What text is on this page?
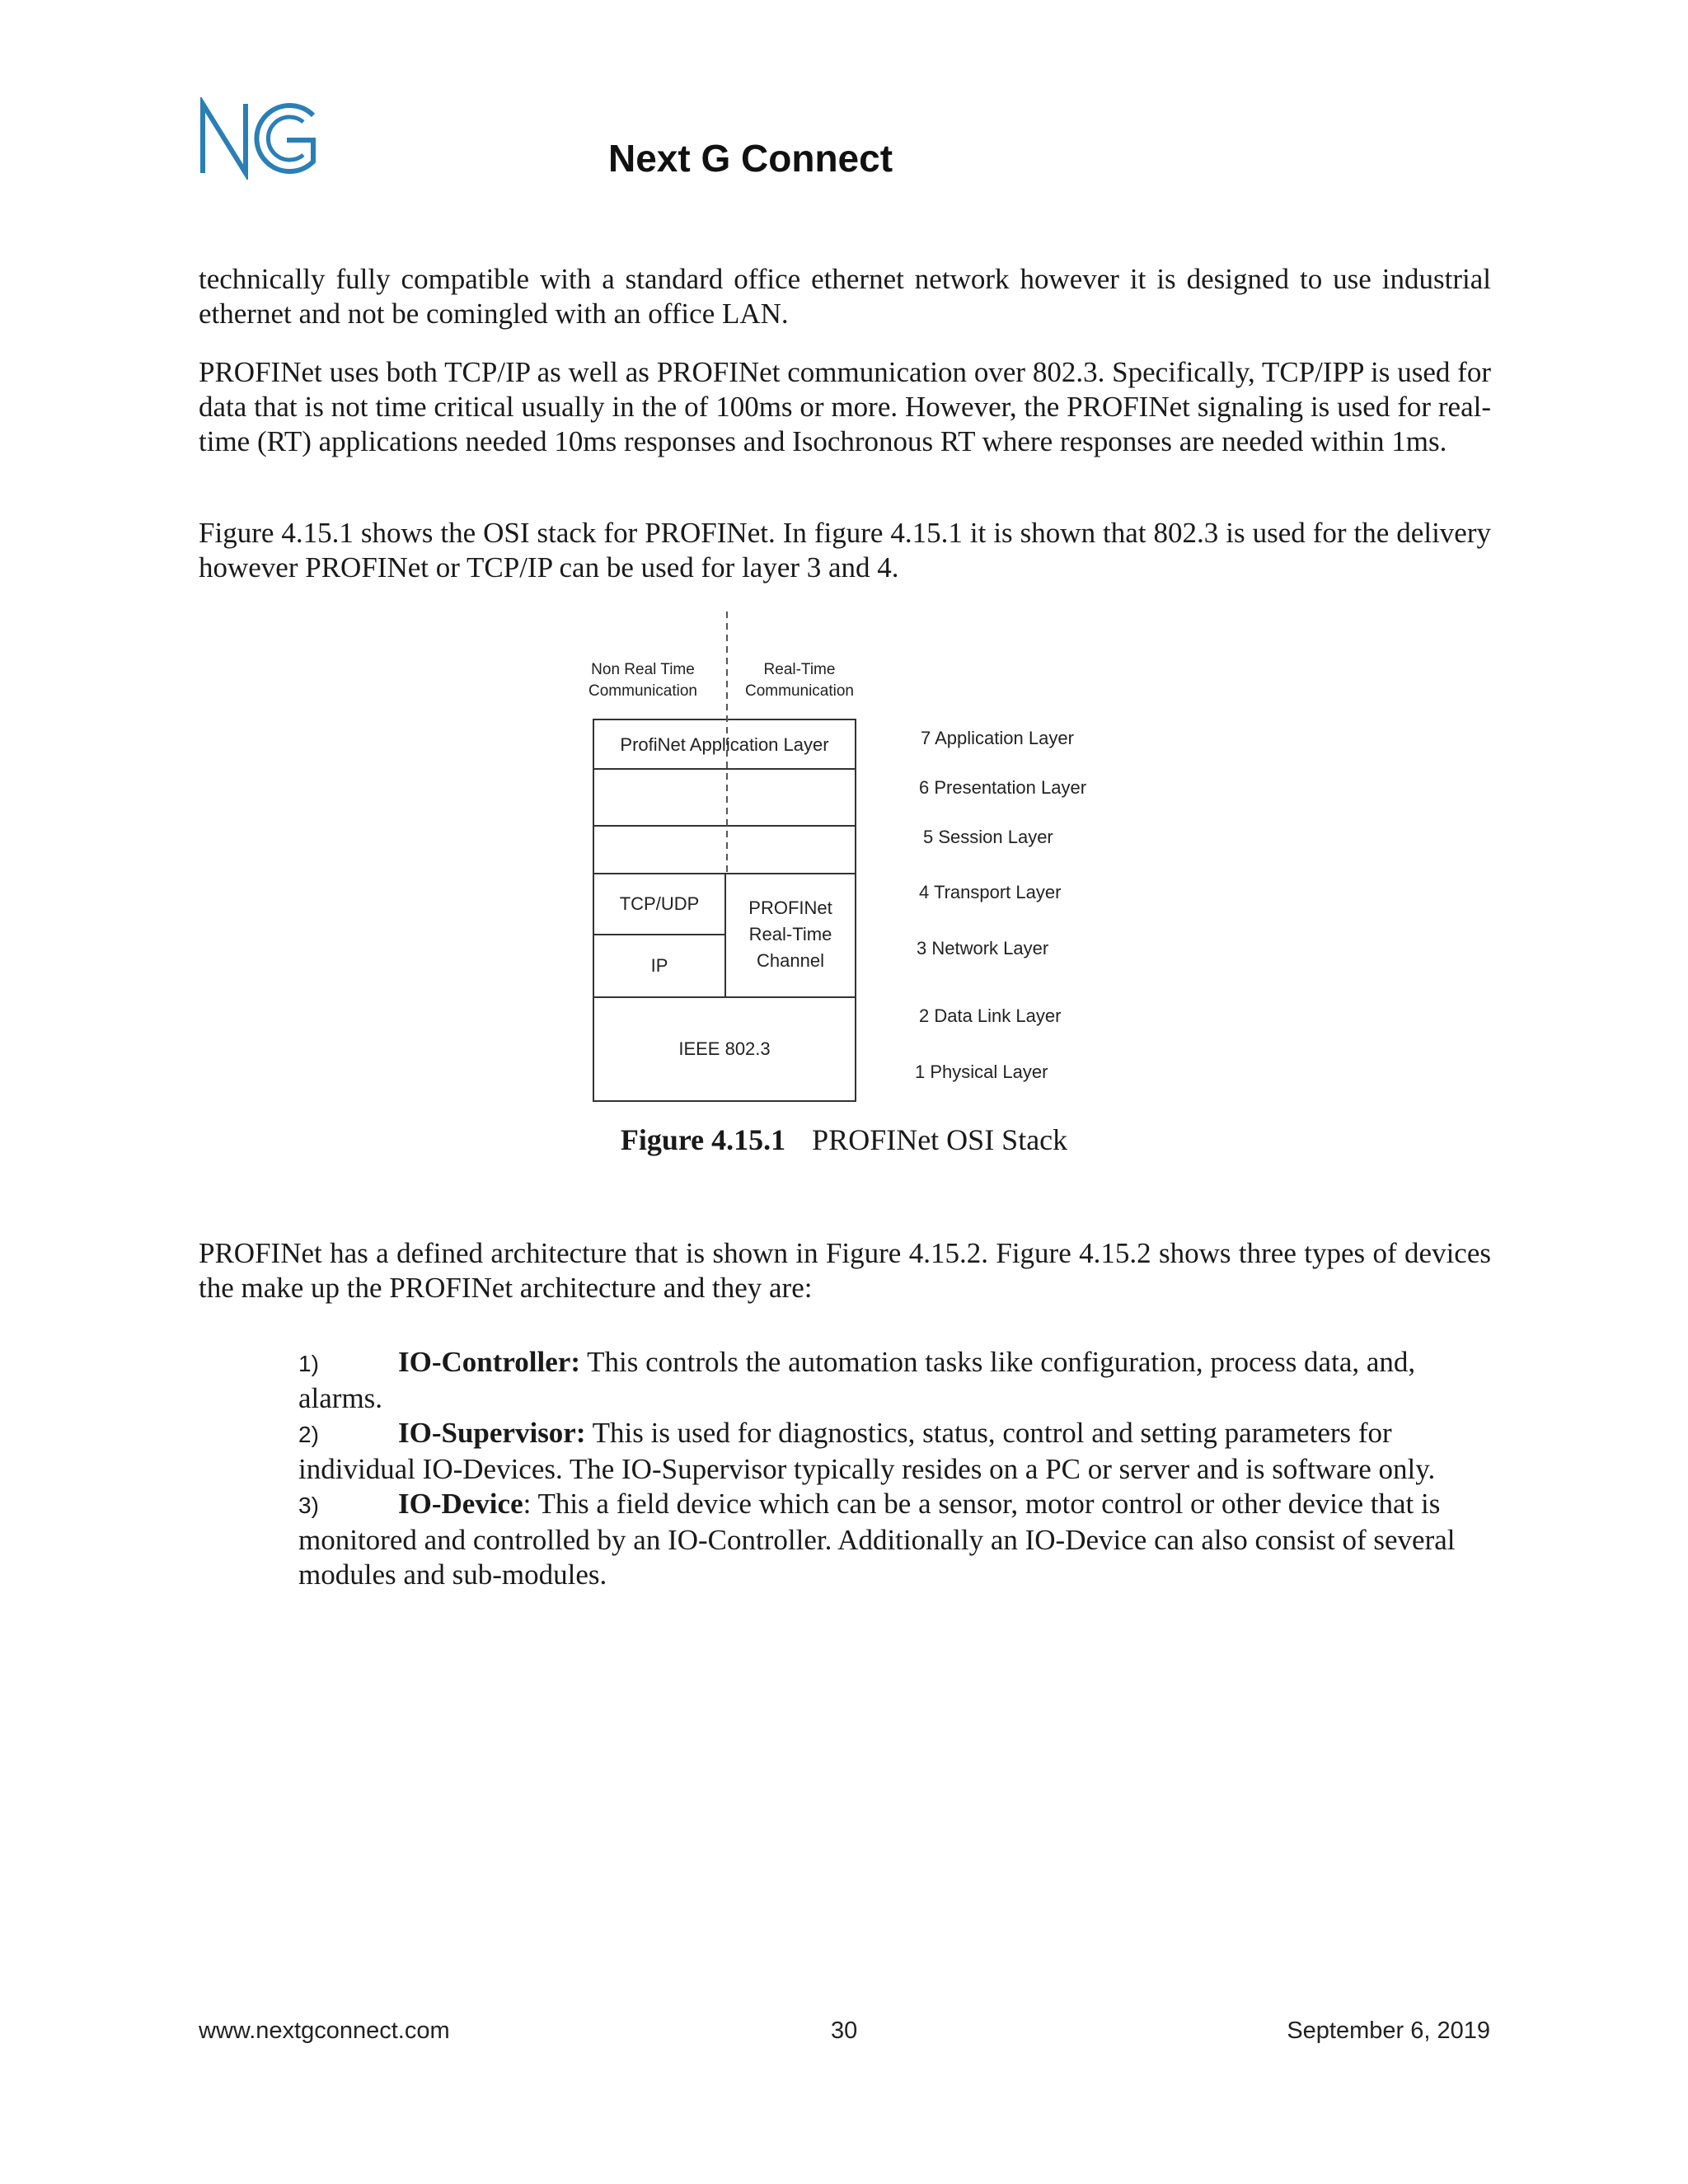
Next G Connect

technically fully compatible with a standard office ethernet network however it is designed to use industrial ethernet and not be comingled with an office LAN.

PROFINet uses both TCP/IP as well as PROFINet communication over 802.3. Specifically, TCP/IPP is used for data that is not time critical usually in the of 100ms or more. However, the PROFINet signaling is used for real-time (RT) applications needed 10ms responses and Isochronous RT where responses are needed within 1ms.

Figure 4.15.1 shows the OSI stack for PROFINet. In figure 4.15.1 it is shown that 802.3 is used for the delivery however PROFINet or TCP/IP can be used for layer 3 and 4.

Non Real Time
Communication
Real-Time
Communication
ProfiNet Application Layer
TCP/UDP
IP
PROFINet
Real-Time
Channel
IEEE 802.3
7 Application Layer
6 Presentation Layer
5 Session Layer
4 Transport Layer
3 Network Layer
2 Data Link Layer
1 Physical Layer
Figure 4.15.1 PROFINet OSI Stack

PROFINet has a defined architecture that is shown in Figure 4.15.2. Figure 4.15.2 shows three types of devices the make up the PROFINet architecture and they are:

1)	IO-Controller: This controls the automation tasks like configuration, process data, and, alarms.
2)	IO-Supervisor: This is used for diagnostics, status, control and setting parameters for individual IO-Devices. The IO-Supervisor typically resides on a PC or server and is software only.
3)	IO-Device: This a field device which can be a sensor, motor control or other device that is monitored and controlled by an IO-Controller. Additionally an IO-Device can also consist of several modules and sub-modules.
www.nextgconnect.com	30	September 6, 2019
